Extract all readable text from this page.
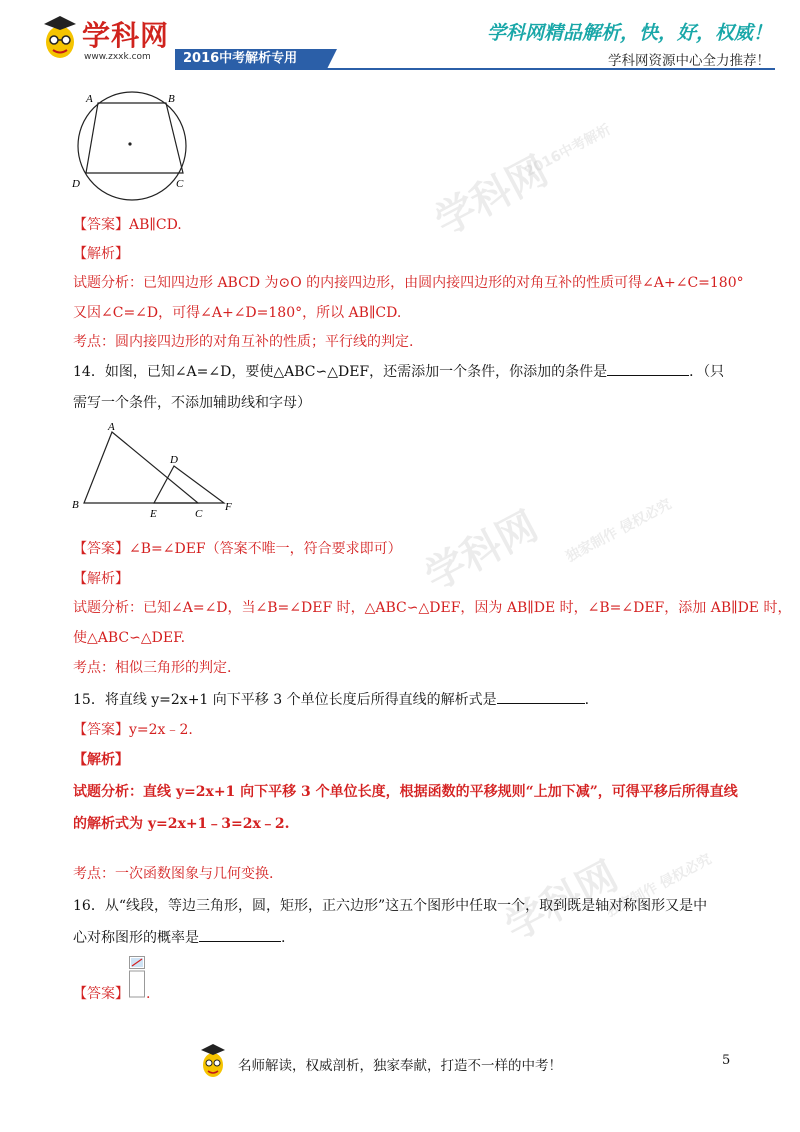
学科网
www.zxxk.com	2016中考解析专用
学科网精品解析，快，好，权威！
学科网资源中心全力推荐！
学科网
2016中考解析
学科网 独家制作 侵权必究
学科网
独家制作 侵权必究
A	B
C
D
【答案】AB∥CD.
【解析】
试题分析：已知四边形 ABCD 为⊙O 的内接四边形，由圆内接四边形的对角互补的性质可得∠A+∠C=180°
又因∠C=∠D，可得∠A+∠D=180°，所以 AB∥CD.
考点：圆内接四边形的对角互补的性质；平行线的判定.
14．如图，已知∠A=∠D，要使△ABC∽△DEF，还需添加一个条件，你添加的条件是	．（只
需写一个条件，不添加辅助线和字母）
A
B
C
D
E
F
【答案】∠B=∠DEF（答案不唯一，符合要求即可）
【解析】
试题分析：已知∠A=∠D，当∠B=∠DEF 时，△ABC∽△DEF，因为 AB∥DE 时，∠B=∠DEF，添加 AB∥DE 时，
使△ABC∽△DEF.
考点：相似三角形的判定.
15．将直线 y=2x+1 向下平移 3 个单位长度后所得直线的解析式是	.
【答案】y=2x﹣2.
【解析】
试题分析：直线 y=2x+1 向下平移 3 个单位长度，根据函数的平移规则“上加下减”，可得平移后所得直线
的解析式为 y=2x+1﹣3=2x﹣2.
考点：一次函数图象与几何变换.
16．从“线段，等边三角形，圆，矩形，正六边形”这五个图形中任取一个，取到既是轴对称图形又是中
心对称图形的概率是	.
【答案】 .
名师解读，权威剖析，独家奉献，打造不一样的中考！	5
